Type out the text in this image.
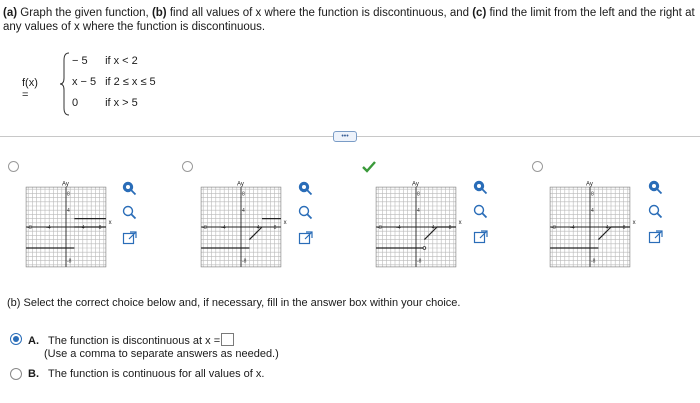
(a) Graph the given function, (b) find all values of x where the function is discontinuous, and (c) find the limit from the left and the right at any values of x where the function is discontinuous.
f(x) =
− 5 if x < 2
x − 5 if 2 ≤ x ≤ 5
0 if x > 5
•••
Ay
x
-8	-4	4	8
8
4
-8
Ay
x
-8	-4	4	8
8
4
-8
Ay
x
-8	-4	4	8
8
4
-8
Ay
x
-8	-4	4	8
8
4
-8
(b) Select the correct choice below and, if necessary, fill in the answer box within your choice.
A. The function is discontinuous at x =
(Use a comma to separate answers as needed.)
B. The function is continuous for all values of x.
